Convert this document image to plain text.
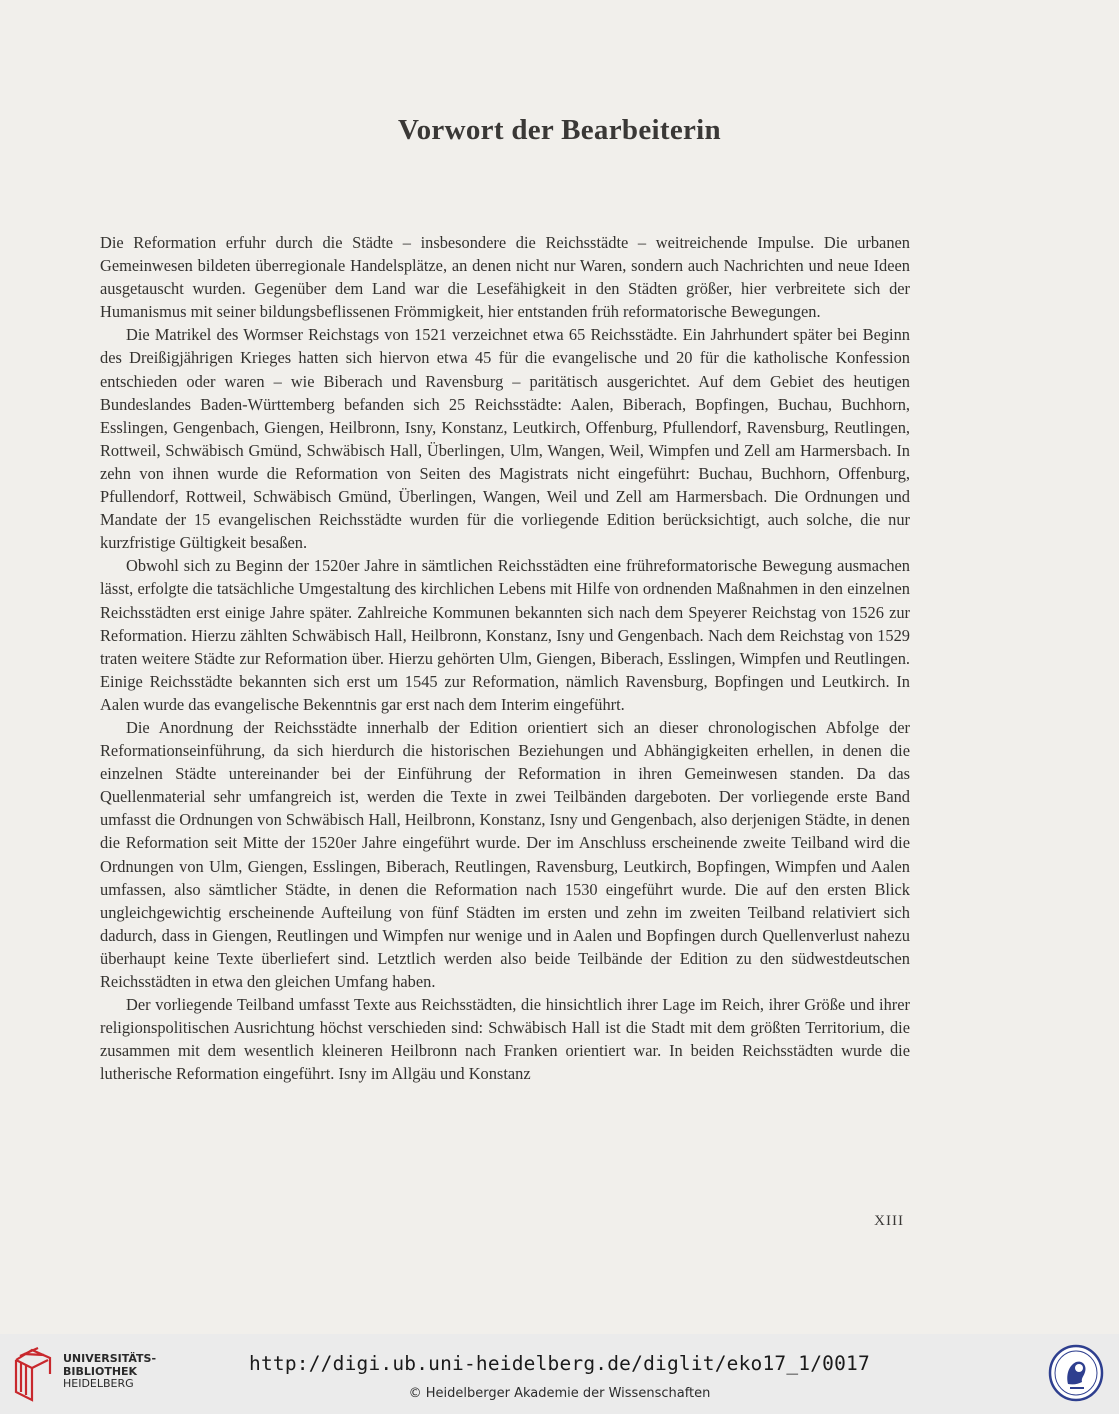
Vorwort der Bearbeiterin

Die Reformation erfuhr durch die Städte – insbesondere die Reichsstädte – weitreichende Impulse. Die urbanen Gemeinwesen bildeten überregionale Handelsplätze, an denen nicht nur Waren, sondern auch Nachrichten und neue Ideen ausgetauscht wurden. Gegenüber dem Land war die Lesefähigkeit in den Städten größer, hier verbreitete sich der Humanismus mit seiner bildungsbeflissenen Frömmigkeit, hier entstanden früh reformatorische Bewegungen.

Die Matrikel des Wormser Reichstags von 1521 verzeichnet etwa 65 Reichsstädte. Ein Jahrhundert später bei Beginn des Dreißigjährigen Krieges hatten sich hiervon etwa 45 für die evangelische und 20 für die katholische Konfession entschieden oder waren – wie Biberach und Ravensburg – paritätisch ausgerichtet. Auf dem Gebiet des heutigen Bundeslandes Baden-Württemberg befanden sich 25 Reichsstädte: Aalen, Biberach, Bopfingen, Buchau, Buchhorn, Esslingen, Gengenbach, Giengen, Heilbronn, Isny, Konstanz, Leutkirch, Offenburg, Pfullendorf, Ravensburg, Reutlingen, Rottweil, Schwäbisch Gmünd, Schwäbisch Hall, Überlingen, Ulm, Wangen, Weil, Wimpfen und Zell am Harmersbach. In zehn von ihnen wurde die Reformation von Seiten des Magistrats nicht eingeführt: Buchau, Buchhorn, Offenburg, Pfullendorf, Rottweil, Schwäbisch Gmünd, Überlingen, Wangen, Weil und Zell am Harmersbach. Die Ordnungen und Mandate der 15 evangelischen Reichsstädte wurden für die vorliegende Edition berücksichtigt, auch solche, die nur kurzfristige Gültigkeit besaßen.

Obwohl sich zu Beginn der 1520er Jahre in sämtlichen Reichsstädten eine frühreformatorische Bewegung ausmachen lässt, erfolgte die tatsächliche Umgestaltung des kirchlichen Lebens mit Hilfe von ordnenden Maßnahmen in den einzelnen Reichsstädten erst einige Jahre später. Zahlreiche Kommunen bekannten sich nach dem Speyerer Reichstag von 1526 zur Reformation. Hierzu zählten Schwäbisch Hall, Heilbronn, Konstanz, Isny und Gengenbach. Nach dem Reichstag von 1529 traten weitere Städte zur Reformation über. Hierzu gehörten Ulm, Giengen, Biberach, Esslingen, Wimpfen und Reutlingen. Einige Reichsstädte bekannten sich erst um 1545 zur Reformation, nämlich Ravensburg, Bopfingen und Leutkirch. In Aalen wurde das evangelische Bekenntnis gar erst nach dem Interim eingeführt.

Die Anordnung der Reichsstädte innerhalb der Edition orientiert sich an dieser chronologischen Abfolge der Reformationseinführung, da sich hierdurch die historischen Beziehungen und Abhängigkeiten erhellen, in denen die einzelnen Städte untereinander bei der Einführung der Reformation in ihren Gemeinwesen standen. Da das Quellenmaterial sehr umfangreich ist, werden die Texte in zwei Teilbänden dargeboten. Der vorliegende erste Band umfasst die Ordnungen von Schwäbisch Hall, Heilbronn, Konstanz, Isny und Gengenbach, also derjenigen Städte, in denen die Reformation seit Mitte der 1520er Jahre eingeführt wurde. Der im Anschluss erscheinende zweite Teilband wird die Ordnungen von Ulm, Giengen, Esslingen, Biberach, Reutlingen, Ravensburg, Leutkirch, Bopfingen, Wimpfen und Aalen umfassen, also sämtlicher Städte, in denen die Reformation nach 1530 eingeführt wurde. Die auf den ersten Blick ungleichgewichtig erscheinende Aufteilung von fünf Städten im ersten und zehn im zweiten Teilband relativiert sich dadurch, dass in Giengen, Reutlingen und Wimpfen nur wenige und in Aalen und Bopfingen durch Quellenverlust nahezu überhaupt keine Texte überliefert sind. Letztlich werden also beide Teilbände der Edition zu den südwestdeutschen Reichsstädten in etwa den gleichen Umfang haben.

Der vorliegende Teilband umfasst Texte aus Reichsstädten, die hinsichtlich ihrer Lage im Reich, ihrer Größe und ihrer religionspolitischen Ausrichtung höchst verschieden sind: Schwäbisch Hall ist die Stadt mit dem größten Territorium, die zusammen mit dem wesentlich kleineren Heilbronn nach Franken orientiert war. In beiden Reichsstädten wurde die lutherische Reformation eingeführt. Isny im Allgäu und Konstanz

XIII
UNIVERSITÄTS-
BIBLIOTHEK
HEIDELBERG
http://digi.ub.uni-heidelberg.de/diglit/eko17_1/0017
© Heidelberger Akademie der Wissenschaften
